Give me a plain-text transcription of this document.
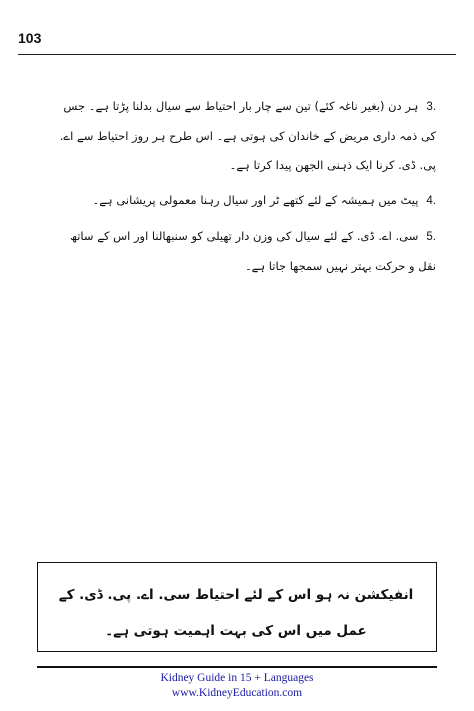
103
3.ہر دن (بغیر ناغہ کئے) تین سے چار بار احتیاط سے سیال بدلنا پڑتا ہے۔ جس کی ذمہ داری مریض کے خاندان کی ہوتی ہے۔ اس طرح ہر روز احتیاط سے اے. پی. ڈی. کرنا ایک ذہنی الجھن پیدا کرتا ہے۔
4.پیٹ میں ہمیشہ کے لئے کتھے ٹر اور سیال رہنا معمولی پریشانی ہے۔
5.سی. اے. ڈی. کے لئے سیال کی وزن دار تھیلی کو سنبھالنا اور اس کے ساتھ نقل و حرکت بہتر نہیں سمجھا جاتا ہے۔
انفیکشن نہ ہو اس کے لئے احتیاط سی. اے. پی. ڈی. کے عمل میں اس کی بہت اہمیت ہوتی ہے۔
Kidney Guide in 15 + Languages
www.KidneyEducation.com
